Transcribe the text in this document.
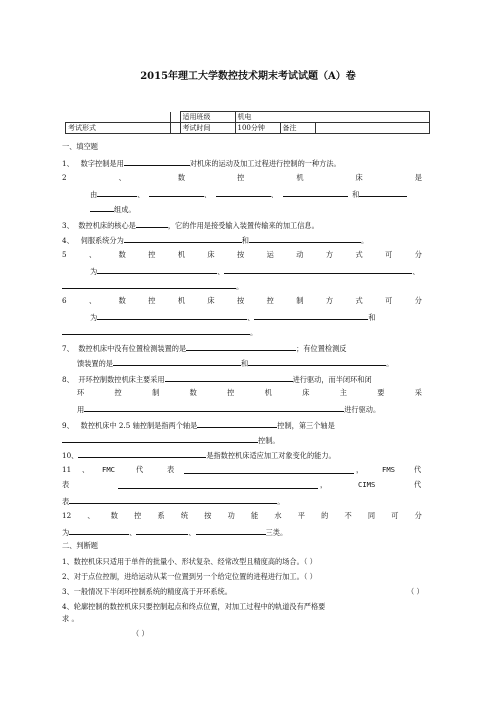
2015年理工大学数控技术期末考试试题（A）卷
		适用班级	机电		
考试形式		考试时间	100分钟	备注	
一、填空题
1、 数字控制是用	对机床的运动及加工过程进行控制的一种方法。
2	、	数	控	机	床	是
由	、	、	、	和
组成。
3、 数控机床的核心是	，它的作用是接受输入装置传输来的加工信息。
4、 伺服系统分为	和	。
5	、	数	控	机	床	按	运	动	方	式	可	分
为	、	、
。
6	、	数	控	机	床	按	控	制	方	式	可	分
为	、	和
。
7、 数控机床中没有位置检测装置的是	；有位置检测反
馈装置的是	和	。
8、 开环控制数控机床主要采用	进行驱动，而半闭环和闭
环	控	制	数	控	机	床	主	要	采
用	进行驱动。
9、 数控机床中 2.5 轴控制是指两个轴是	控制，第三个轴是
控制。
10、	是指数控机床适应加工对象变化的能力。
11 、 FMC	代	表	，	FMS	代
表	，	CIMS	代
表	。
12 、 数 控 系 统 按 功 能 水 平 的 不 同 可 分
为	、	、	三类。
二、判断题
1、数控机床只适用于单件的批量小、形状复杂、经常改型且精度高的场合。（ ）
2、对于点位控制，进给运动从某一位置到另一个给定位置的进程进行加工。（ ）
3、一般情况下半闭环控制系统的精度高于开环系统。	（ ）
4、轮廓控制的数控机床只要控制起点和终点位置，对加工过程中的轨道没有严格要
求 。
（ ）
